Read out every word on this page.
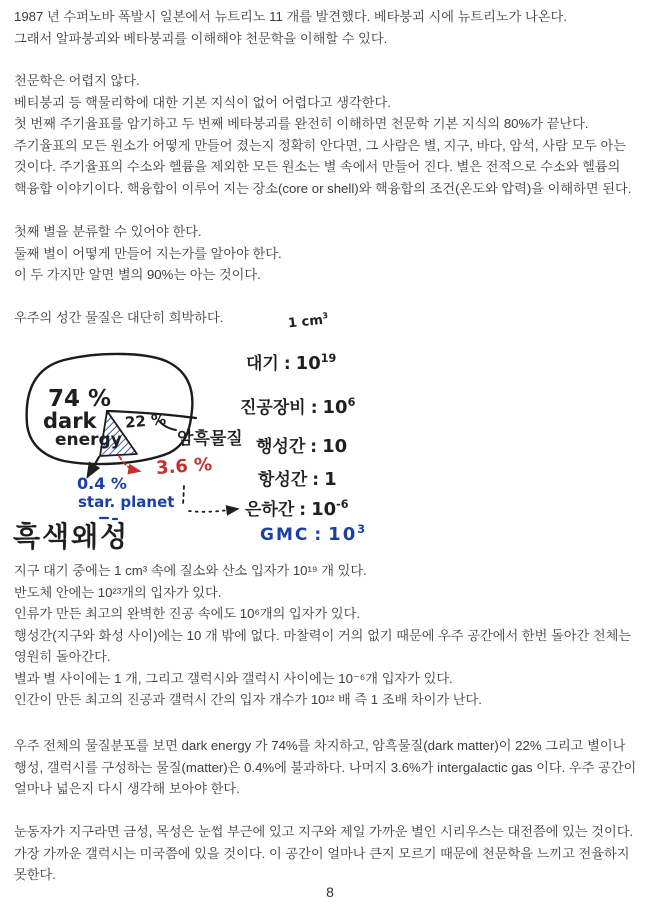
1987 년 수퍼노바 폭발시 일본에서 뉴트리노 11 개를 발견했다. 베타붕괴 시에 뉴트리노가 나온다.
그래서 알파붕괴와 베타붕괴를 이해해야 천문학을 이해할 수 있다.
천문학은 어렵지 않다.
베티붕괴 등 핵물리학에 대한 기본 지식이 없어 어렵다고 생각한다.
첫 번째 주기율표를 암기하고 두 번째 베타붕괴를 완전히 이해하면 천문학 기본 지식의 80%가 끝난다.
주기율표의 모든 원소가 어떻게 만들어 졌는지 정확히 안다면, 그 사람은 별, 지구, 바다, 암석, 사람 모두 아는
것이다. 주기율표의 수소와 헬륨을 제외한 모든 원소는 별 속에서 만들어 진다. 별은 전적으로 수소와 헬륨의
핵융합 이야기이다. 핵융합이 이루어 지는 장소(core or shell)와 핵융합의 조건(온도와 압력)을 이해하면 된다.
첫째 별을 분류할 수 있어야 한다.
둘째 별이 어떻게 만들어 지는가를 알아야 한다.
이 두 가지만 알면 별의 90%는 아는 것이다.
우주의 성간 물질은 대단히 희박하다.
지구 대기 중에는 1 cm³ 속에 질소와 산소 입자가 10¹⁹ 개 있다.
반도체 안에는 10²³개의 입자가 있다.
인류가 만든 최고의 완벽한 진공 속에도 10⁶개의 입자가 있다.
행성간(지구와 화성 사이)에는 10 개 밖에 없다. 마찰력이 거의 없기 때문에 우주 공간에서 한번 돌아간 천체는
영원히 돌아간다.
별과 별 사이에는 1 개, 그리고 갤럭시와 갤럭시 사이에는 10⁻⁶개 입자가 있다.
인간이 만든 최고의 진공과 갤럭시 간의 입자 개수가 10¹² 배 즉 1 조배 차이가 난다.
우주 전체의 물질분포를 보면 dark energy 가 74%를 차지하고, 암흑물질(dark matter)이 22% 그리고 별이나
행성, 갤럭시를 구성하는 물질(matter)은 0.4%에 불과하다. 나머지 3.6%가 intergalactic gas 이다. 우주 공간이
얼마나 넓은지 다시 생각해 보아야 한다.
눈동자가 지구라면 금성, 목성은 눈썹 부근에 있고 지구와 제일 가까운 별인 시리우스는 대전쯤에 있는 것이다.
가장 가까운 갤럭시는 미국쯤에 있을 것이다. 이 공간이 얼마나 큰지 모르기 때문에 천문학을 느끼고 전율하지
못한다.
74 %
dark
energy
22 %
암흑물질
0.4 %
star. planet
3.6 %
흑색왜성
1 $cm^3$
대기 : $10^{19}$
진공장비 : $10^6$
행성간 : 10
항성간 : 1
은하간 : $10^{-6}$
GMC : $10^3$
8
